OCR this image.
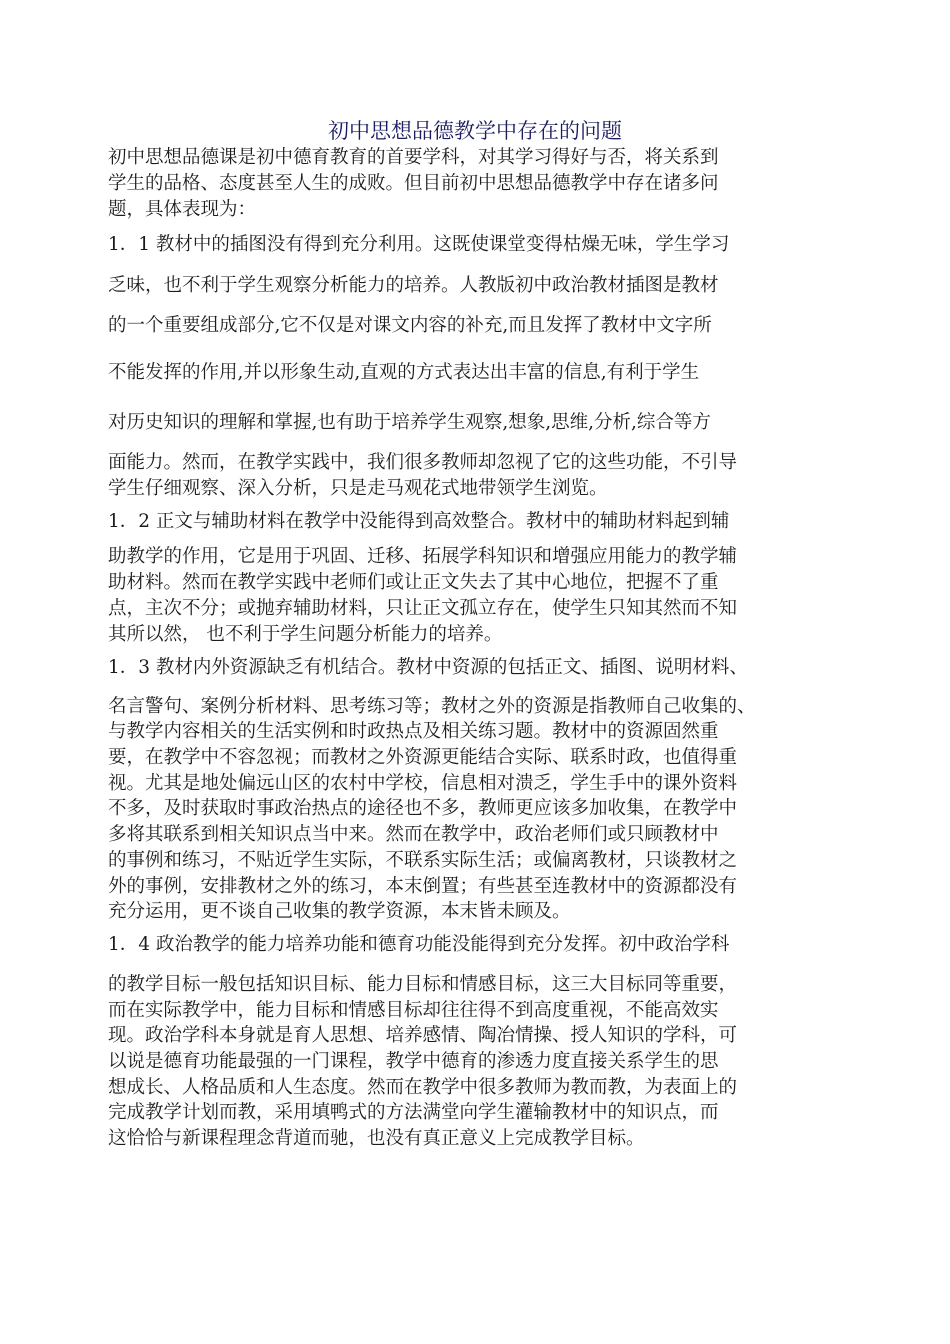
初中思想品德教学中存在的问题
初中思想品德课是初中德育教育的首要学科，对其学习得好与否，将关系到
学生的品格、态度甚至人生的成败。但目前初中思想品德教学中存在诸多问
题，具体表现为：
1．1 教材中的插图没有得到充分利用。这既使课堂变得枯燥无味，学生学习
乏味，也不利于学生观察分析能力的培养。人教版初中政治教材插图是教材
的一个重要组成部分,它不仅是对课文内容的补充,而且发挥了教材中文字所
不能发挥的作用,并以形象生动,直观的方式表达出丰富的信息,有利于学生
对历史知识的理解和掌握,也有助于培养学生观察,想象,思维,分析,综合等方
面能力。然而，在教学实践中，我们很多教师却忽视了它的这些功能，不引导
学生仔细观察、深入分析，只是走马观花式地带领学生浏览。
1．2 正文与辅助材料在教学中没能得到高效整合。教材中的辅助材料起到辅
助教学的作用，它是用于巩固、迁移、拓展学科知识和增强应用能力的教学辅
助材料。然而在教学实践中老师们或让正文失去了其中心地位，把握不了重
点，主次不分；或抛弃辅助材料，只让正文孤立存在，使学生只知其然而不知
其所以然， 也不利于学生问题分析能力的培养。
1．3 教材内外资源缺乏有机结合。教材中资源的包括正文、插图、说明材料、
名言警句、案例分析材料、思考练习等；教材之外的资源是指教师自己收集的、
与教学内容相关的生活实例和时政热点及相关练习题。教材中的资源固然重
要，在教学中不容忽视；而教材之外资源更能结合实际、联系时政，也值得重
视。尤其是地处偏远山区的农村中学校，信息相对溃乏，学生手中的课外资料
不多，及时获取时事政治热点的途径也不多，教师更应该多加收集，在教学中
多将其联系到相关知识点当中来。然而在教学中，政治老师们或只顾教材中
的事例和练习，不贴近学生实际，不联系实际生活；或偏离教材，只谈教材之
外的事例，安排教材之外的练习，本末倒置；有些甚至连教材中的资源都没有
充分运用，更不谈自己收集的教学资源，本末皆未顾及。
1．4 政治教学的能力培养功能和德育功能没能得到充分发挥。初中政治学科
的教学目标一般包括知识目标、能力目标和情感目标，这三大目标同等重要，
而在实际教学中，能力目标和情感目标却往往得不到高度重视，不能高效实
现。政治学科本身就是育人思想、培养感情、陶冶情操、授人知识的学科，可
以说是德育功能最强的一门课程，教学中德育的渗透力度直接关系学生的思
想成长、人格品质和人生态度。然而在教学中很多教师为教而教，为表面上的
完成教学计划而教，采用填鸭式的方法满堂向学生灌输教材中的知识点，而
这恰恰与新课程理念背道而驰，也没有真正意义上完成教学目标。
